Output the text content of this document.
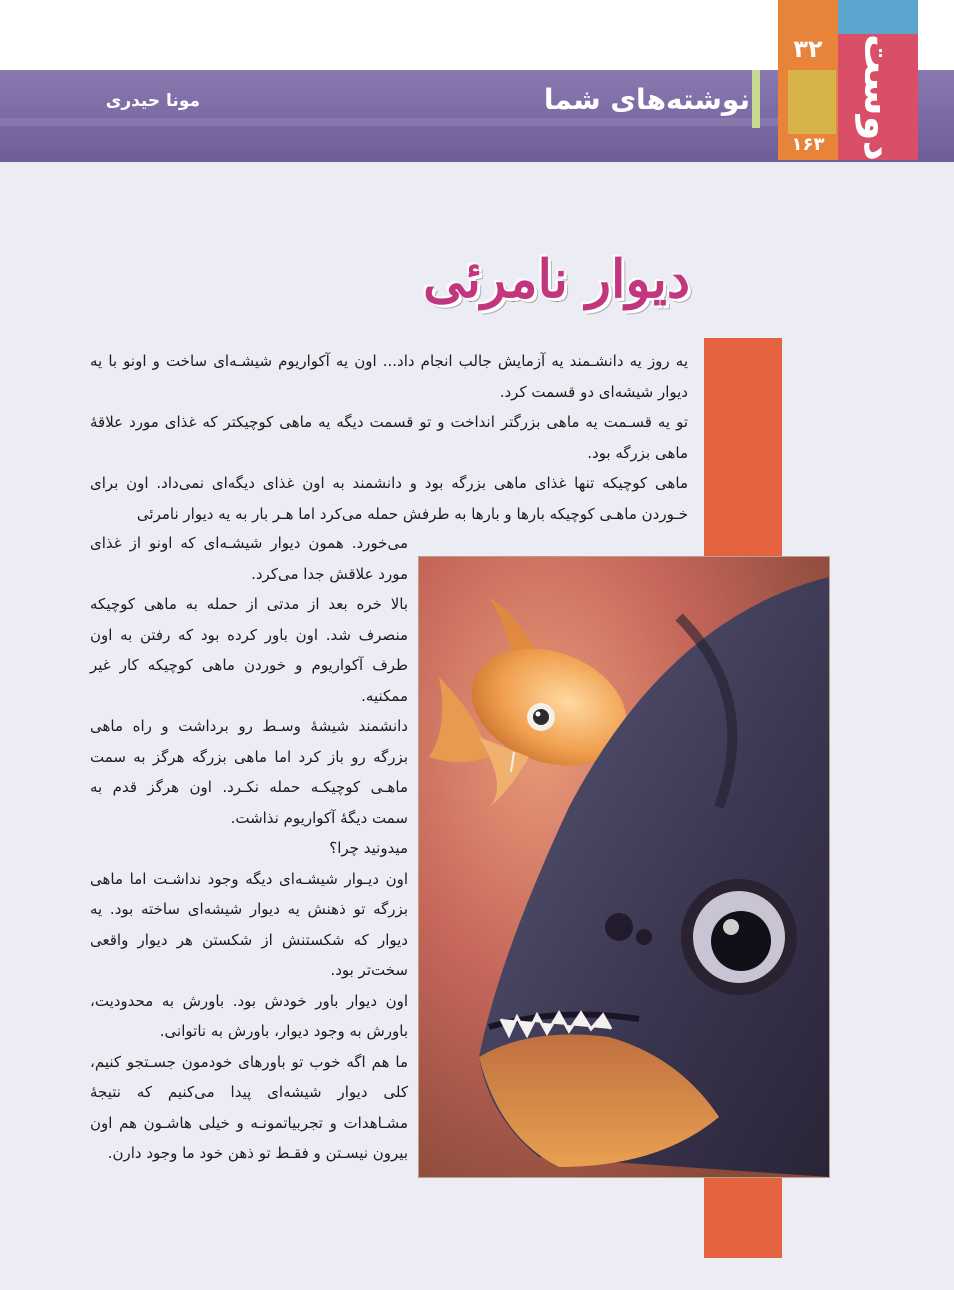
نوشته‌های شما
مونا حیدری
۳۲
۱۶۳ دوست
دیوار نامرئی

یه روز یه دانشـمند یه آزمایش جالب انجام داد... اون یه آکواریوم شیشـه‌ای ساخت و اونو با یه دیوار شیشه‌ای دو قسمت کرد.

تو یه قسـمت یه ماهی بزرگتر انداخت و تو قسمت دیگه یه ماهی کوچیکتر که غذای مورد علاقهٔ ماهی بزرگه بود.

ماهی کوچیکه تنها غذای ماهی بزرگه بود و دانشمند به اون غذای دیگه‌ای نمی‌داد. اون برای خـوردن ماهـی کوچیکه بارها و بارها به طرفش حمله می‌کرد اما هـر بار به یه دیوار نامرئی

می‌خورد. همون دیوار شیشـه‌ای که اونو از غذای مورد علاقش جدا می‌کرد.

بالا خره بعد از مدتی از حمله به ماهی کوچیکه منصرف شد. اون باور کرده بود که رفتن به اون طرف آکواریوم و خوردن ماهی کوچیکه کار غیر ممکنیه.

دانشمند شیشهٔ وسـط رو برداشت و راه ماهی بزرگه رو باز کرد اما ماهی بزرگه هرگز به سمت ماهـی کوچیکـه حمله نکـرد. اون هرگز قدم به سمت دیگهٔ آکواریوم نذاشت.

میدونید چرا؟

اون دیـوار شیشـه‌ای دیگه وجود نداشـت اما ماهی بزرگه تو ذهنش یه دیوار شیشه‌ای ساخته بود. یه دیوار که شکستنش از شکستن هر دیوار واقعی سخت‌تر بود.

اون دیوار باور خودش بود. باورش به محدودیت، باورش به وجود دیوار، باورش به ناتوانی.

ما هم اگه خوب تو باورهای خودمون جسـتجو کنیم، کلی دیوار شیشه‌ای پیدا می‌کنیم که نتیجهٔ مشـاهدات و تجربیاتمونـه و خیلی هاشـون هم اون بیرون نیسـتن و فقـط تو ذهن خود ما وجود دارن.
